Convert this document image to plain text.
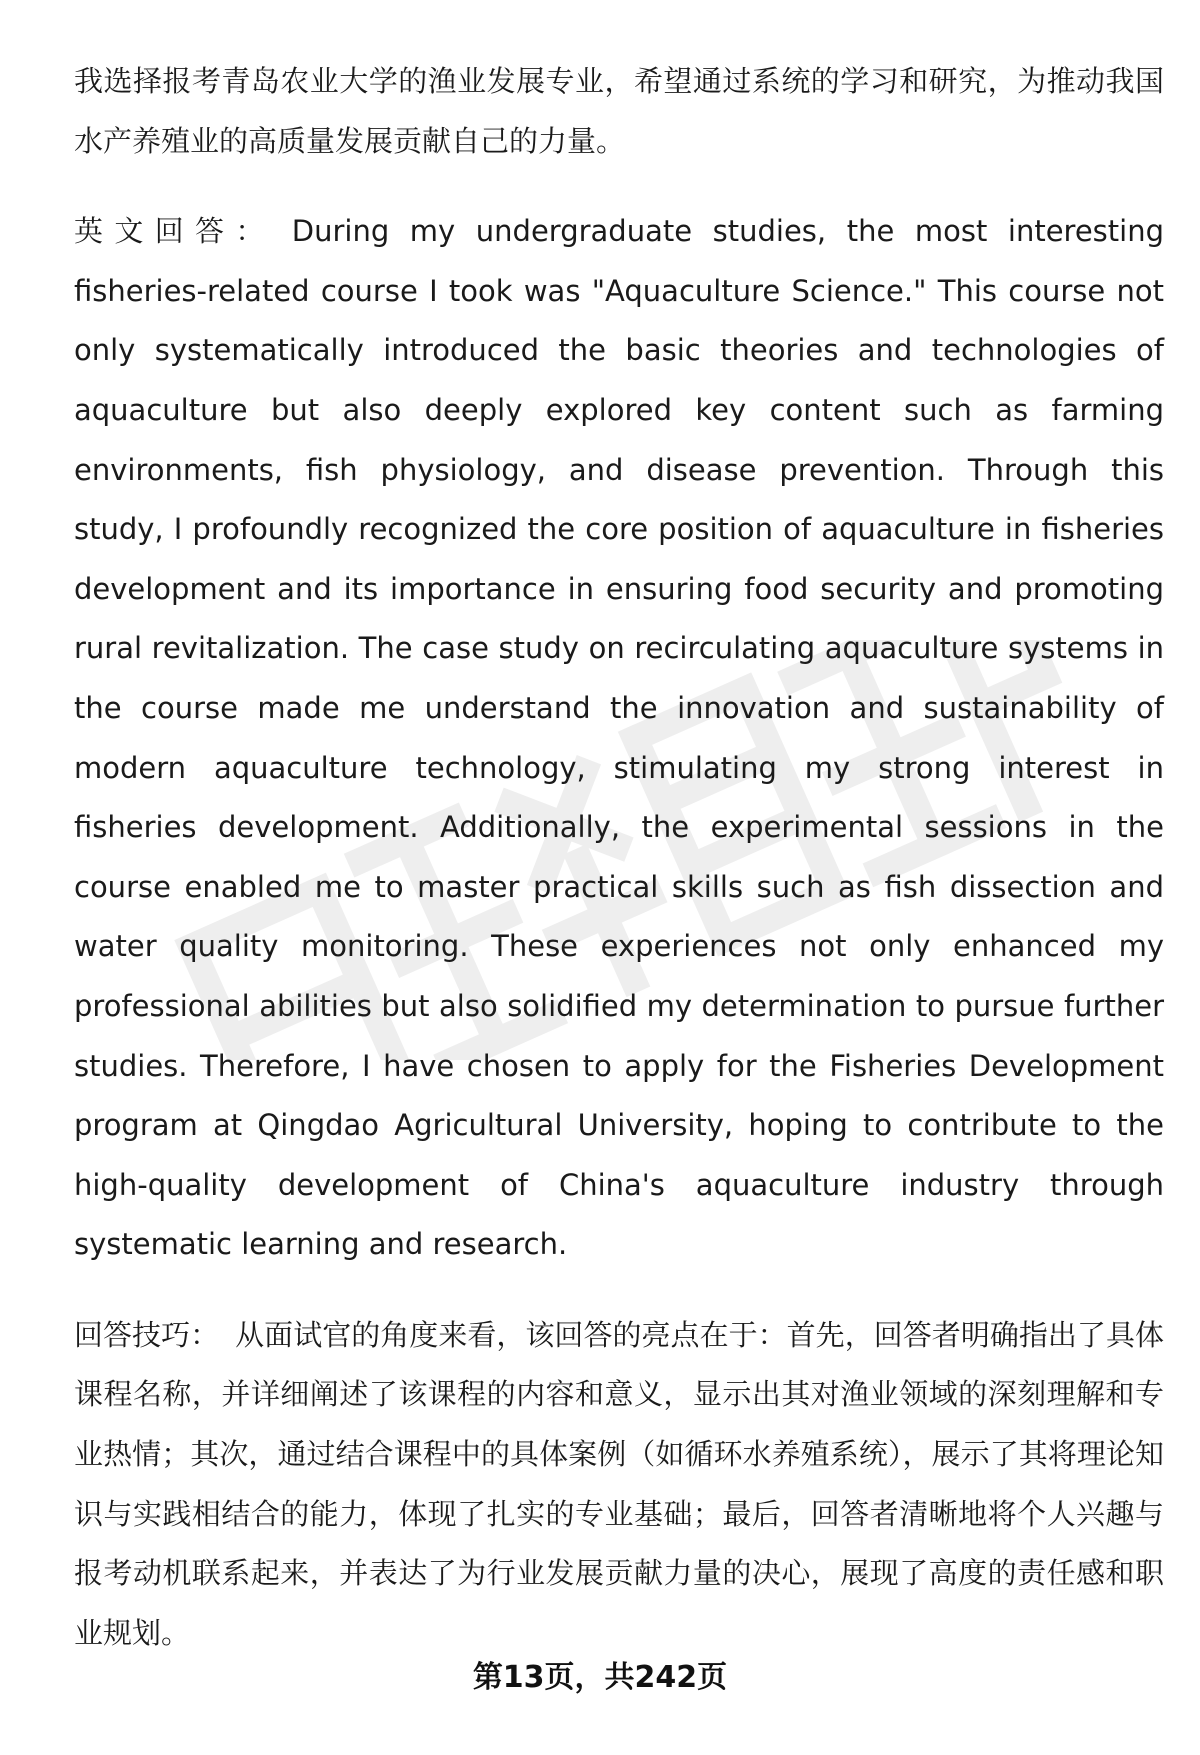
我选择报考青岛农业大学的渔业发展专业，希望通过系统的学习和研究，为推动我国水产养殖业的高质量发展贡献自己的力量。

英文回答： During my undergraduate studies, the most interesting fisheries-related course I took was "Aquaculture Science." This course not only systematically introduced the basic theories and technologies of aquaculture but also deeply explored key content such as farming environments, fish physiology, and disease prevention. Through this study, I profoundly recognized the core position of aquaculture in fisheries development and its importance in ensuring food security and promoting rural revitalization. The case study on recirculating aquaculture systems in the course made me understand the innovation and sustainability of modern aquaculture technology, stimulating my strong interest in fisheries development. Additionally, the experimental sessions in the course enabled me to master practical skills such as fish dissection and water quality monitoring. These experiences not only enhanced my professional abilities but also solidified my determination to pursue further studies. Therefore, I have chosen to apply for the Fisheries Development program at Qingdao Agricultural University, hoping to contribute to the high-quality development of China's aquaculture industry through systematic learning and research.

回答技巧： 从面试官的角度来看，该回答的亮点在于：首先，回答者明确指出了具体课程名称，并详细阐述了该课程的内容和意义，显示出其对渔业领域的深刻理解和专业热情；其次，通过结合课程中的具体案例（如循环水养殖系统），展示了其将理论知识与实践相结合的能力，体现了扎实的专业基础；最后，回答者清晰地将个人兴趣与报考动机联系起来，并表达了为行业发展贡献力量的决心，展现了高度的责任感和职业规划。

第13页，共242页
